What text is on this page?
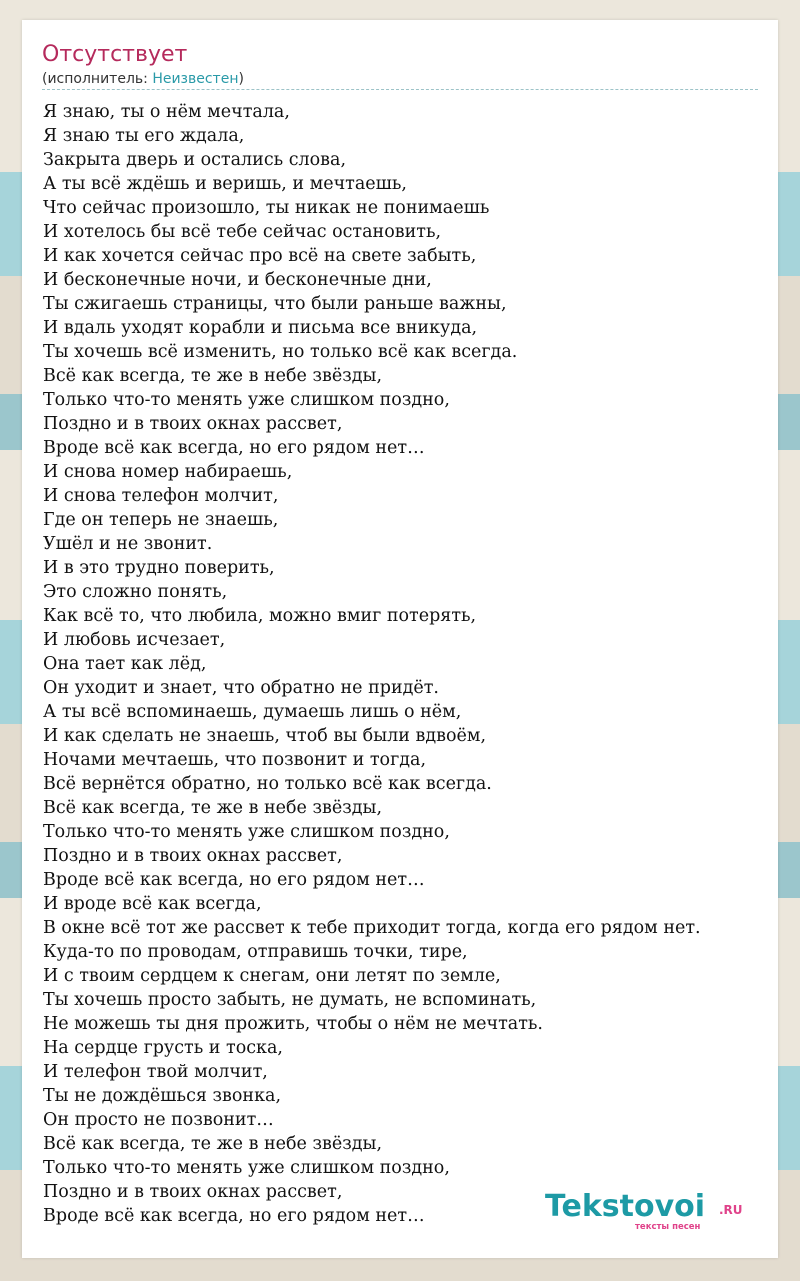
Отсутствует
(исполнитель: Неизвестен)
Я знаю, ты о нём мечтала,
Я знаю ты его ждала,
Закрыта дверь и остались слова,
А ты всё ждёшь и веришь, и мечтаешь,
Что сейчас произошло, ты никак не понимаешь
И хотелось бы всё тебе сейчас остановить,
И как хочется сейчас про всё на свете забыть,
И бесконечные ночи, и бесконечные дни,
Ты сжигаешь страницы, что были раньше важны,
И вдаль уходят корабли и письма все вникуда,
Ты хочешь всё изменить, но только всё как всегда.
Всё как всегда, те же в небе звёзды,
Только что-то менять уже слишком поздно,
Поздно и в твоих окнах рассвет,
Вроде всё как всегда, но его рядом нет…
И снова номер набираешь,
И снова телефон молчит,
Где он теперь не знаешь,
Ушёл и не звонит.
И в это трудно поверить,
Это сложно понять,
Как всё то, что любила, можно вмиг потерять,
И любовь исчезает,
Она тает как лёд,
Он уходит и знает, что обратно не придёт.
А ты всё вспоминаешь, думаешь лишь о нём,
И как сделать не знаешь, чтоб вы были вдвоём,
Ночами мечтаешь, что позвонит и тогда,
Всё вернётся обратно, но только всё как всегда.
Всё как всегда, те же в небе звёзды,
Только что-то менять уже слишком поздно,
Поздно и в твоих окнах рассвет,
Вроде всё как всегда, но его рядом нет…
И вроде всё как всегда,
В окне всё тот же рассвет к тебе приходит тогда, когда его рядом нет.
Куда-то по проводам, отправишь точки, тире,
И с твоим сердцем к снегам, они летят по земле,
Ты хочешь просто забыть, не думать, не вспоминать,
Не можешь ты дня прожить, чтобы о нём не мечтать.
На сердце грусть и тоска,
И телефон твой молчит,
Ты не дождёшься звонка,
Он просто не позвонит…
Всё как всегда, те же в небе звёзды,
Только что-то менять уже слишком поздно,
Поздно и в твоих окнах рассвет,
Вроде всё как всегда, но его рядом нет…	Tekstovoi .RU
тексты песен
